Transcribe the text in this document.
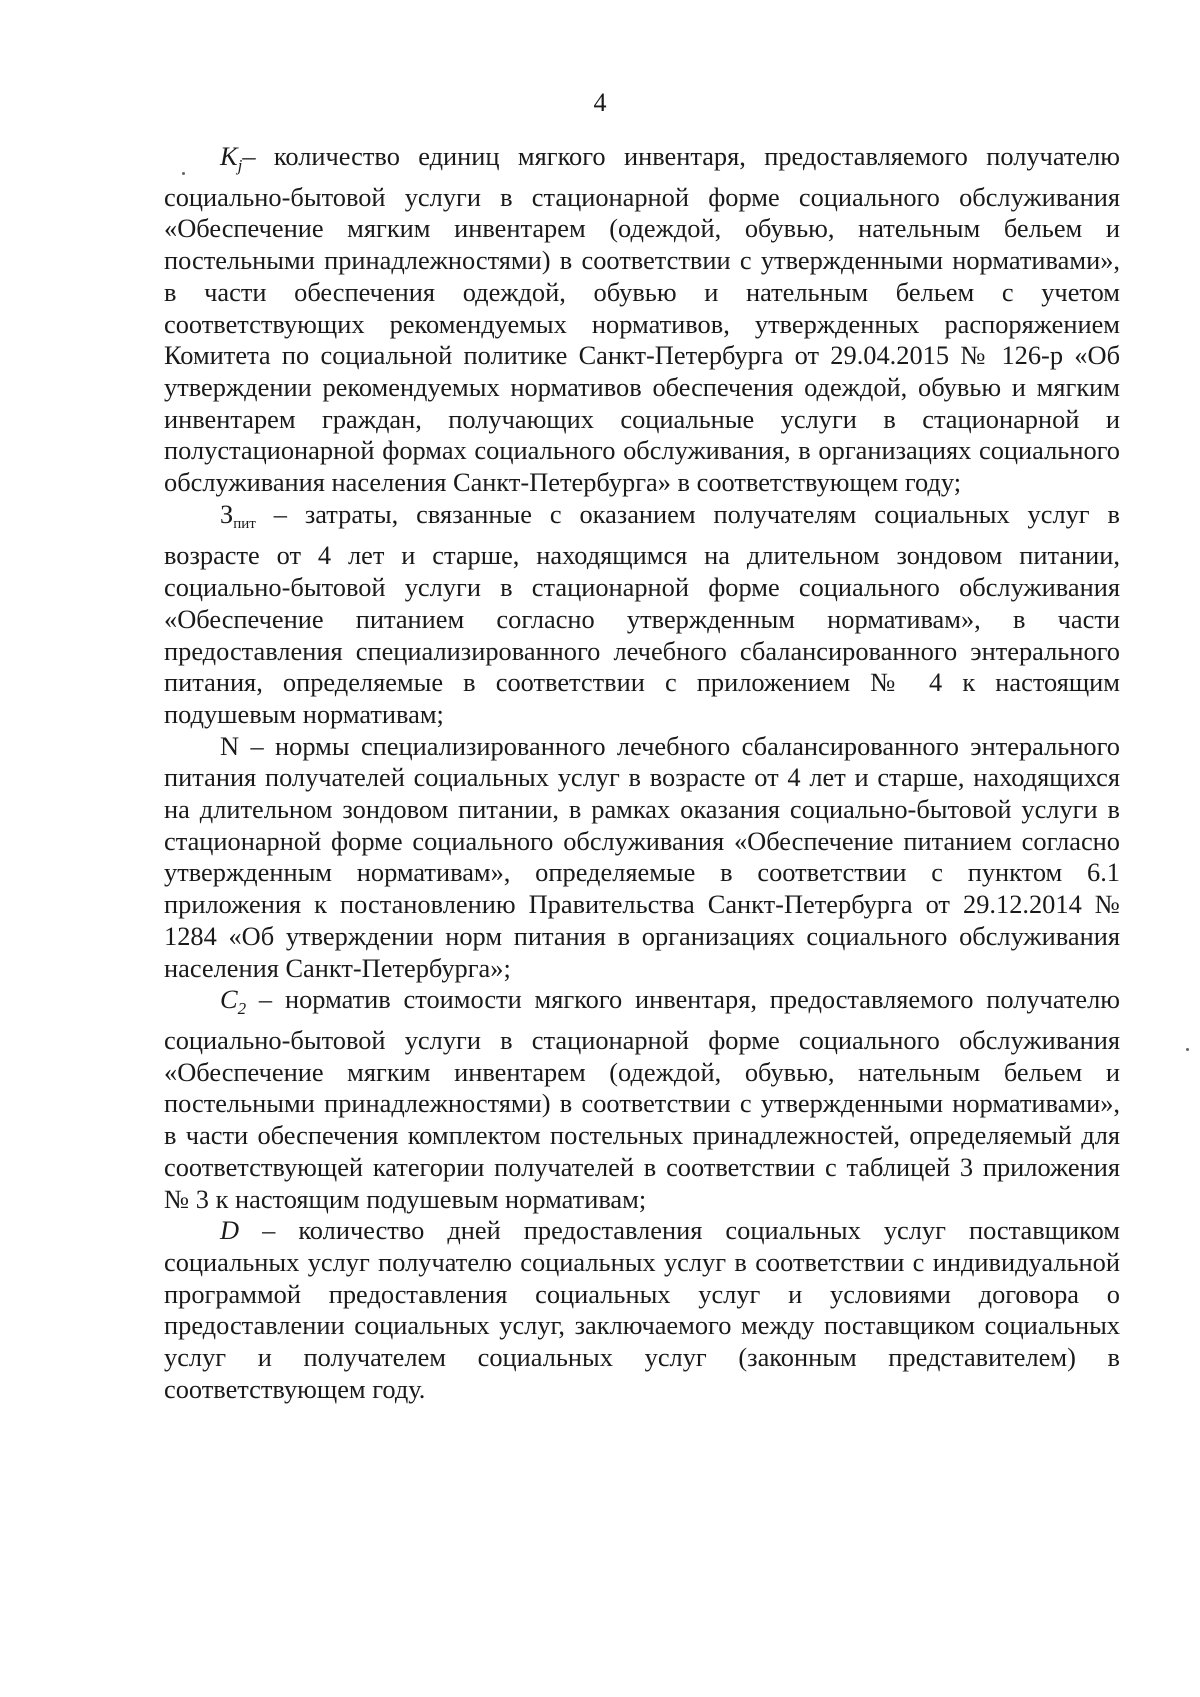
4

$K_j-$ количество единиц мягкого инвентаря, предоставляемого получателю социально-бытовой услуги в стационарной форме социального обслуживания «Обеспечение мягким инвентарем (одеждой, обувью, нательным бельем и постельными принадлежностями) в соответствии с утвержденными нормативами», в части обеспечения одеждой, обувью и нательным бельем с учетом соответствующих рекомендуемых нормативов, утвержденных распоряжением Комитета по социальной политике Санкт-Петербурга от 29.04.2015 № 126-р «Об утверждении рекомендуемых нормативов обеспечения одеждой, обувью и мягким инвентарем граждан, получающих социальные услуги в стационарной и полустационарной формах социального обслуживания, в организациях социального обслуживания населения Санкт-Петербурга» в соответствующем году;

$З_{пит}$ – затраты, связанные с оказанием получателям социальных услуг в возрасте от 4 лет и старше, находящимся на длительном зондовом питании, социально-бытовой услуги в стационарной форме социального обслуживания «Обеспечение питанием согласно утвержденным нормативам», в части предоставления специализированного лечебного сбалансированного энтерального питания, определяемые в соответствии с приложением № 4 к настоящим подушевым нормативам;

N – нормы специализированного лечебного сбалансированного энтерального питания получателей социальных услуг в возрасте от 4 лет и старше, находящихся на длительном зондовом питании, в рамках оказания социально-бытовой услуги в стационарной форме социального обслуживания «Обеспечение питанием согласно утвержденным нормативам», определяемые в соответствии с пунктом 6.1 приложения к постановлению Правительства Санкт-Петербурга от 29.12.2014 № 1284 «Об утверждении норм питания в организациях социального обслуживания населения Санкт-Петербурга»;

$C_2$ – норматив стоимости мягкого инвентаря, предоставляемого получателю социально-бытовой услуги в стационарной форме социального обслуживания «Обеспечение мягким инвентарем (одеждой, обувью, нательным бельем и постельными принадлежностями) в соответствии с утвержденными нормативами», в части обеспечения комплектом постельных принадлежностей, определяемый для соответствующей категории получателей в соответствии с таблицей 3 приложения № 3 к настоящим подушевым нормативам;

D – количество дней предоставления социальных услуг поставщиком социальных услуг получателю социальных услуг в соответствии с индивидуальной программой предоставления социальных услуг и условиями договора о предоставлении социальных услуг, заключаемого между поставщиком социальных услуг и получателем социальных услуг (законным представителем) в соответствующем году.
